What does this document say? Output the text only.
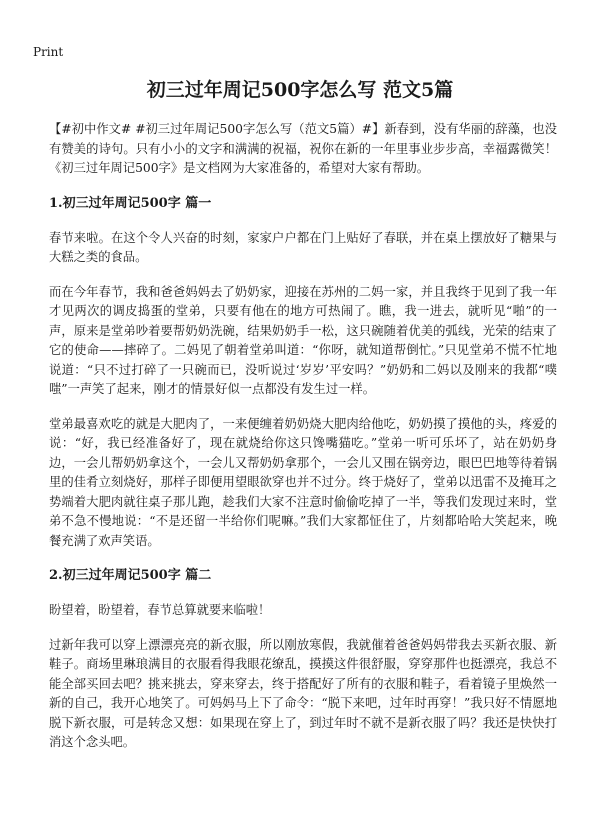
Print
初三过年周记500字怎么写 范文5篇

【#初中作文# #初三过年周记500字怎么写（范文5篇）#】新春到，没有华丽的辞藻，也没有赞美的诗句。只有小小的文字和满满的祝福，祝你在新的一年里事业步步高，幸福露微笑！《初三过年周记500字》是文档网为大家准备的，希望对大家有帮助。

1.初三过年周记500字 篇一

春节来啦。在这个令人兴奋的时刻，家家户户都在门上贴好了春联，并在桌上摆放好了糖果与大糕之类的食品。

而在今年春节，我和爸爸妈妈去了奶奶家，迎接在苏州的二妈一家，并且我终于见到了我一年才见两次的调皮捣蛋的堂弟，只要有他在的地方可热闹了。瞧，我一进去，就听见“啪”的一声，原来是堂弟吵着要帮奶奶洗碗，结果奶奶手一松，这只碗随着优美的弧线，光荣的结束了它的使命——摔碎了。二妈见了朝着堂弟叫道：“你呀，就知道帮倒忙。”只见堂弟不慌不忙地说道：“只不过打碎了一只碗而已，没听说过‘岁岁’平安吗？”奶奶和二妈以及刚来的我都“噗嗤”一声笑了起来，刚才的情景好似一点都没有发生过一样。

堂弟最喜欢吃的就是大肥肉了，一来便缠着奶奶烧大肥肉给他吃，奶奶摸了摸他的头，疼爱的说：“好，我已经准备好了，现在就烧给你这只馋嘴猫吃。”堂弟一听可乐坏了，站在奶奶身边，一会儿帮奶奶拿这个，一会儿又帮奶奶拿那个，一会儿又围在锅旁边，眼巴巴地等待着锅里的佳肴立刻烧好，那样子即便用望眼欲穿也并不过分。终于烧好了，堂弟以迅雷不及掩耳之势端着大肥肉就往桌子那儿跑，趁我们大家不注意时偷偷吃掉了一半，等我们发现过来时，堂弟不急不慢地说：“不是还留一半给你们呢嘛。”我们大家都怔住了，片刻都哈哈大笑起来，晚餐充满了欢声笑语。

2.初三过年周记500字 篇二

盼望着，盼望着，春节总算就要来临啦！

过新年我可以穿上漂漂亮亮的新衣服，所以刚放寒假，我就催着爸爸妈妈带我去买新衣服、新鞋子。商场里琳琅满目的衣服看得我眼花缭乱，摸摸这件很舒服，穿穿那件也挺漂亮，我总不能全部买回去吧？挑来挑去，穿来穿去，终于搭配好了所有的衣服和鞋子，看着镜子里焕然一新的自己，我开心地笑了。可妈妈马上下了命令：“脱下来吧，过年时再穿！”我只好不情愿地脱下新衣服，可是转念又想：如果现在穿上了，到过年时不就不是新衣服了吗？我还是快快打消这个念头吧。
